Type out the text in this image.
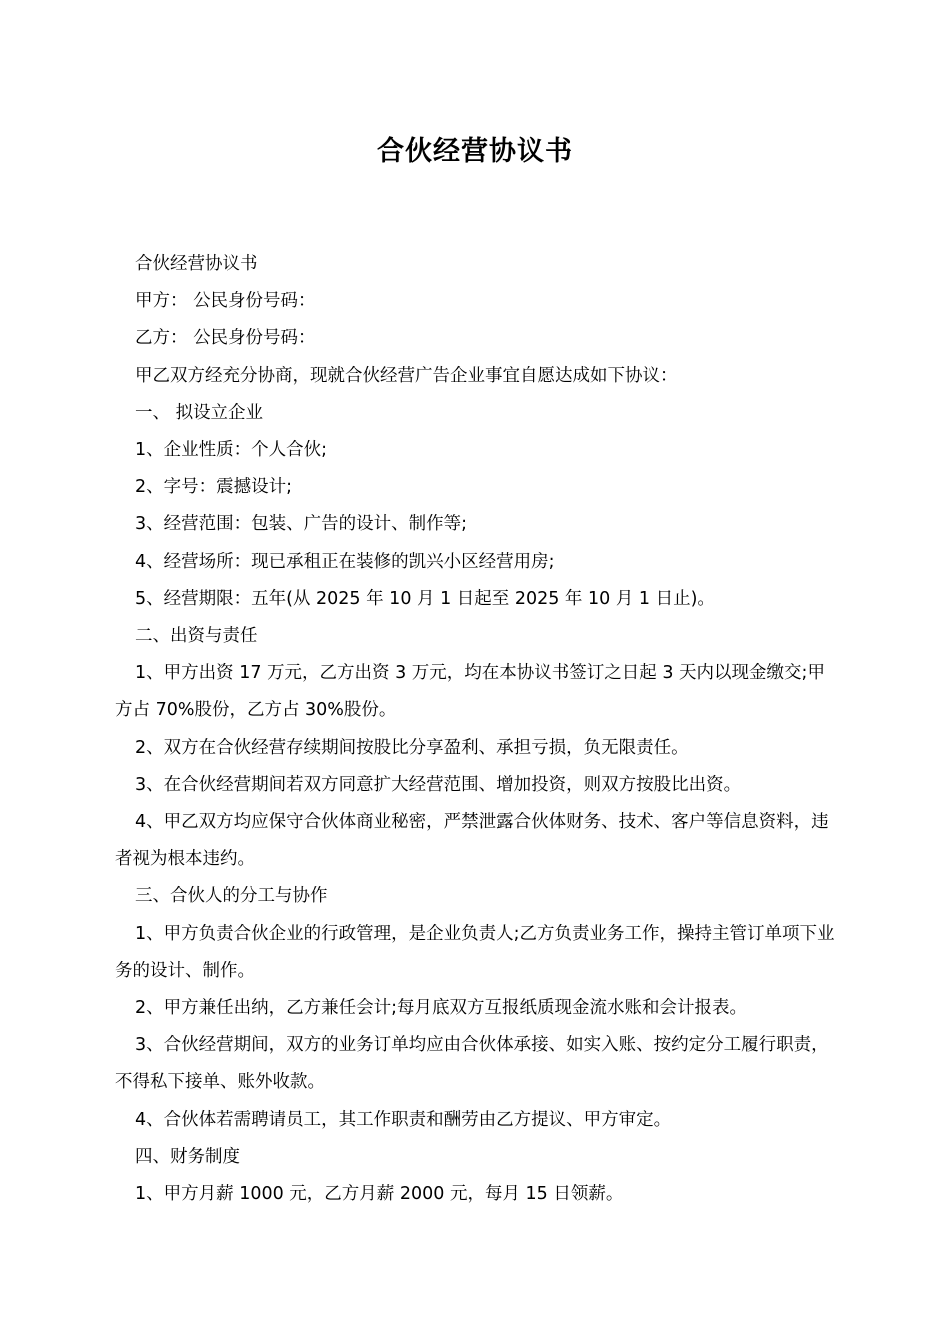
合伙经营协议书

合伙经营协议书

甲方： 公民身份号码：

乙方： 公民身份号码：

甲乙双方经充分协商，现就合伙经营广告企业事宜自愿达成如下协议：

一、 拟设立企业

1、企业性质：个人合伙;

2、字号：震撼设计;

3、经营范围：包装、广告的设计、制作等;

4、经营场所：现已承租正在装修的凯兴小区经营用房;

5、经营期限：五年(从 2025 年 10 月 1 日起至 2025 年 10 月 1 日止)。

二、出资与责任

1、甲方出资 17 万元，乙方出资 3 万元，均在本协议书签订之日起 3 天内以现金缴交;甲方占 70%股份，乙方占 30%股份。

2、双方在合伙经营存续期间按股比分享盈利、承担亏损，负无限责任。

3、在合伙经营期间若双方同意扩大经营范围、增加投资，则双方按股比出资。

4、甲乙双方均应保守合伙体商业秘密，严禁泄露合伙体财务、技术、客户等信息资料，违者视为根本违约。

三、合伙人的分工与协作

1、甲方负责合伙企业的行政管理，是企业负责人;乙方负责业务工作，操持主管订单项下业务的设计、制作。

2、甲方兼任出纳，乙方兼任会计;每月底双方互报纸质现金流水账和会计报表。

3、合伙经营期间，双方的业务订单均应由合伙体承接、如实入账、按约定分工履行职责，不得私下接单、账外收款。

4、合伙体若需聘请员工，其工作职责和酬劳由乙方提议、甲方审定。

四、财务制度

1、甲方月薪 1000 元，乙方月薪 2000 元，每月 15 日领薪。
